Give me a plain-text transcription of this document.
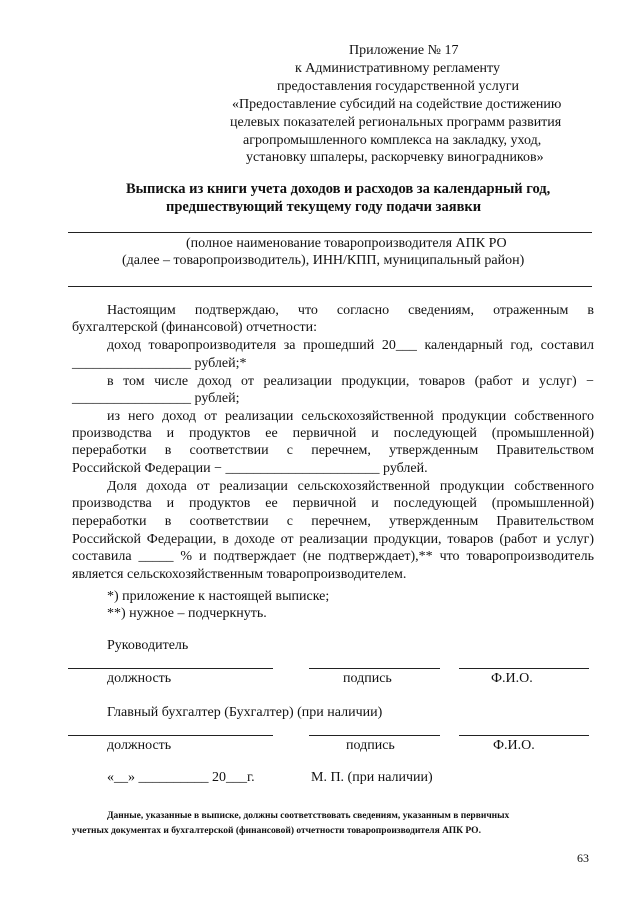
Приложение № 17
к Административному регламенту
предоставления государственной услуги
«Предоставление субсидий на содействие достижению
целевых показателей региональных программ развития
агропромышленного комплекса на закладку, уход,
установку шпалеры, раскорчевку виноградников»
Выписка из книги учета доходов и расходов за календарный год,
предшествующий текущему году подачи заявки
(полное наименование товаропроизводителя АПК РО
(далее – товаропроизводитель), ИНН/КПП, муниципальный район)
Настоящим подтверждаю, что согласно сведениям, отраженным в
бухгалтерской (финансовой) отчетности:
доход товаропроизводителя за прошедший 20___ календарный год, составил
_________________ рублей;*
в том числе доход от реализации продукции, товаров (работ и услуг) −
_________________ рублей;
из него доход от реализации сельскохозяйственной продукции собственного
производства и продуктов ее первичной и последующей (промышленной)
переработки в соответствии с перечнем, утвержденным Правительством
Российской Федерации − ______________________ рублей.
Доля дохода от реализации сельскохозяйственной продукции собственного
производства и продуктов ее первичной и последующей (промышленной)
переработки в соответствии с перечнем, утвержденным Правительством
Российской Федерации, в доходе от реализации продукции, товаров (работ и услуг)
составила _____ % и подтверждает (не подтверждает),** что товаропроизводитель
является сельскохозяйственным товаропроизводителем.
*) приложение к настоящей выписке;
**) нужное – подчеркнуть.
Руководитель
должность	подпись	Ф.И.О.
Главный бухгалтер (Бухгалтер) (при наличии)
должность	подпись	Ф.И.О.
«__» __________ 20___г.	М. П. (при наличии)
Данные, указанные в выписке, должны соответствовать сведениям, указанным в первичных
учетных документах и бухгалтерской (финансовой) отчетности товаропроизводителя АПК РО.
63
